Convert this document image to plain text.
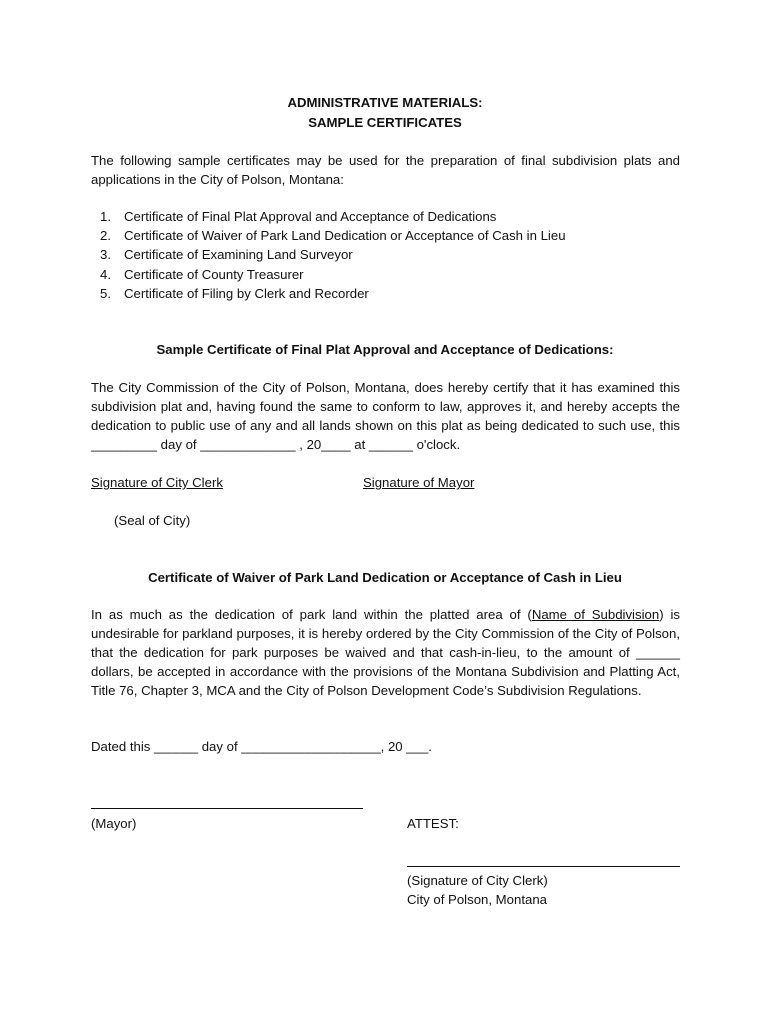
ADMINISTRATIVE MATERIALS:
SAMPLE CERTIFICATES
The following sample certificates may be used for the preparation of final subdivision plats and applications in the City of Polson, Montana:
1. Certificate of Final Plat Approval and Acceptance of Dedications
2. Certificate of Waiver of Park Land Dedication or Acceptance of Cash in Lieu
3. Certificate of Examining Land Surveyor
4. Certificate of County Treasurer
5. Certificate of Filing by Clerk and Recorder
Sample Certificate of Final Plat Approval and Acceptance of Dedications:
The City Commission of the City of Polson, Montana, does hereby certify that it has examined this subdivision plat and, having found the same to conform to law, approves it, and hereby accepts the dedication to public use of any and all lands shown on this plat as being dedicated to such use, this _________ day of _____________ , 20____ at ______ o'clock.
Signature of City Clerk	Signature of Mayor
(Seal of City)
Certificate of Waiver of Park Land Dedication or Acceptance of Cash in Lieu
In as much as the dedication of park land within the platted area of (Name of Subdivision) is undesirable for parkland purposes, it is hereby ordered by the City Commission of the City of Polson, that the dedication for park purposes be waived and that cash-in-lieu, to the amount of ______ dollars, be accepted in accordance with the provisions of the Montana Subdivision and Platting Act, Title 76, Chapter 3, MCA and the City of Polson Development Code’s Subdivision Regulations.
Dated this ______ day of ___________________, 20 ___.
(Mayor)	ATTEST:
(Signature of City Clerk)
City of Polson, Montana
